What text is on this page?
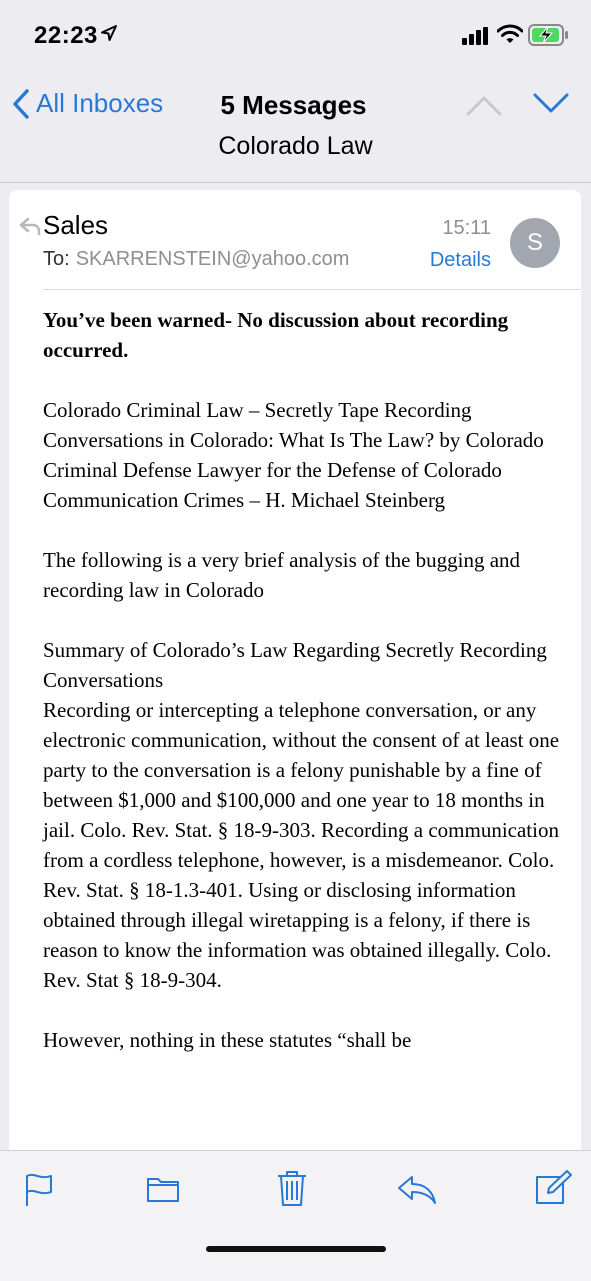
22:23
All Inboxes	5 Messages
Colorado Law
Sales
To: SKARRENSTEIN@yahoo.com
15:11
Details
S

You’ve been warned- No discussion about recording occurred.

Colorado Criminal Law – Secretly Tape Recording Conversations in Colorado: What Is The Law? by Colorado Criminal Defense Lawyer for the Defense of Colorado Communication Crimes – H. Michael Steinberg

The following is a very brief analysis of the bugging and recording law in Colorado

Summary of Colorado’s Law Regarding Secretly Recording Conversations

Recording or intercepting a telephone conversation, or any electronic communication, without the consent of at least one party to the conversation is a felony punishable by a fine of between $1,000 and $100,000 and one year to 18 months in jail. Colo. Rev. Stat. § 18-9-303. Recording a communication from a cordless telephone, however, is a misdemeanor. Colo. Rev. Stat. § 18-1.3-401. Using or disclosing information obtained through illegal wiretapping is a felony, if there is reason to know the information was obtained illegally. Colo. Rev. Stat § 18-9-304.

However, nothing in these statutes “shall be
